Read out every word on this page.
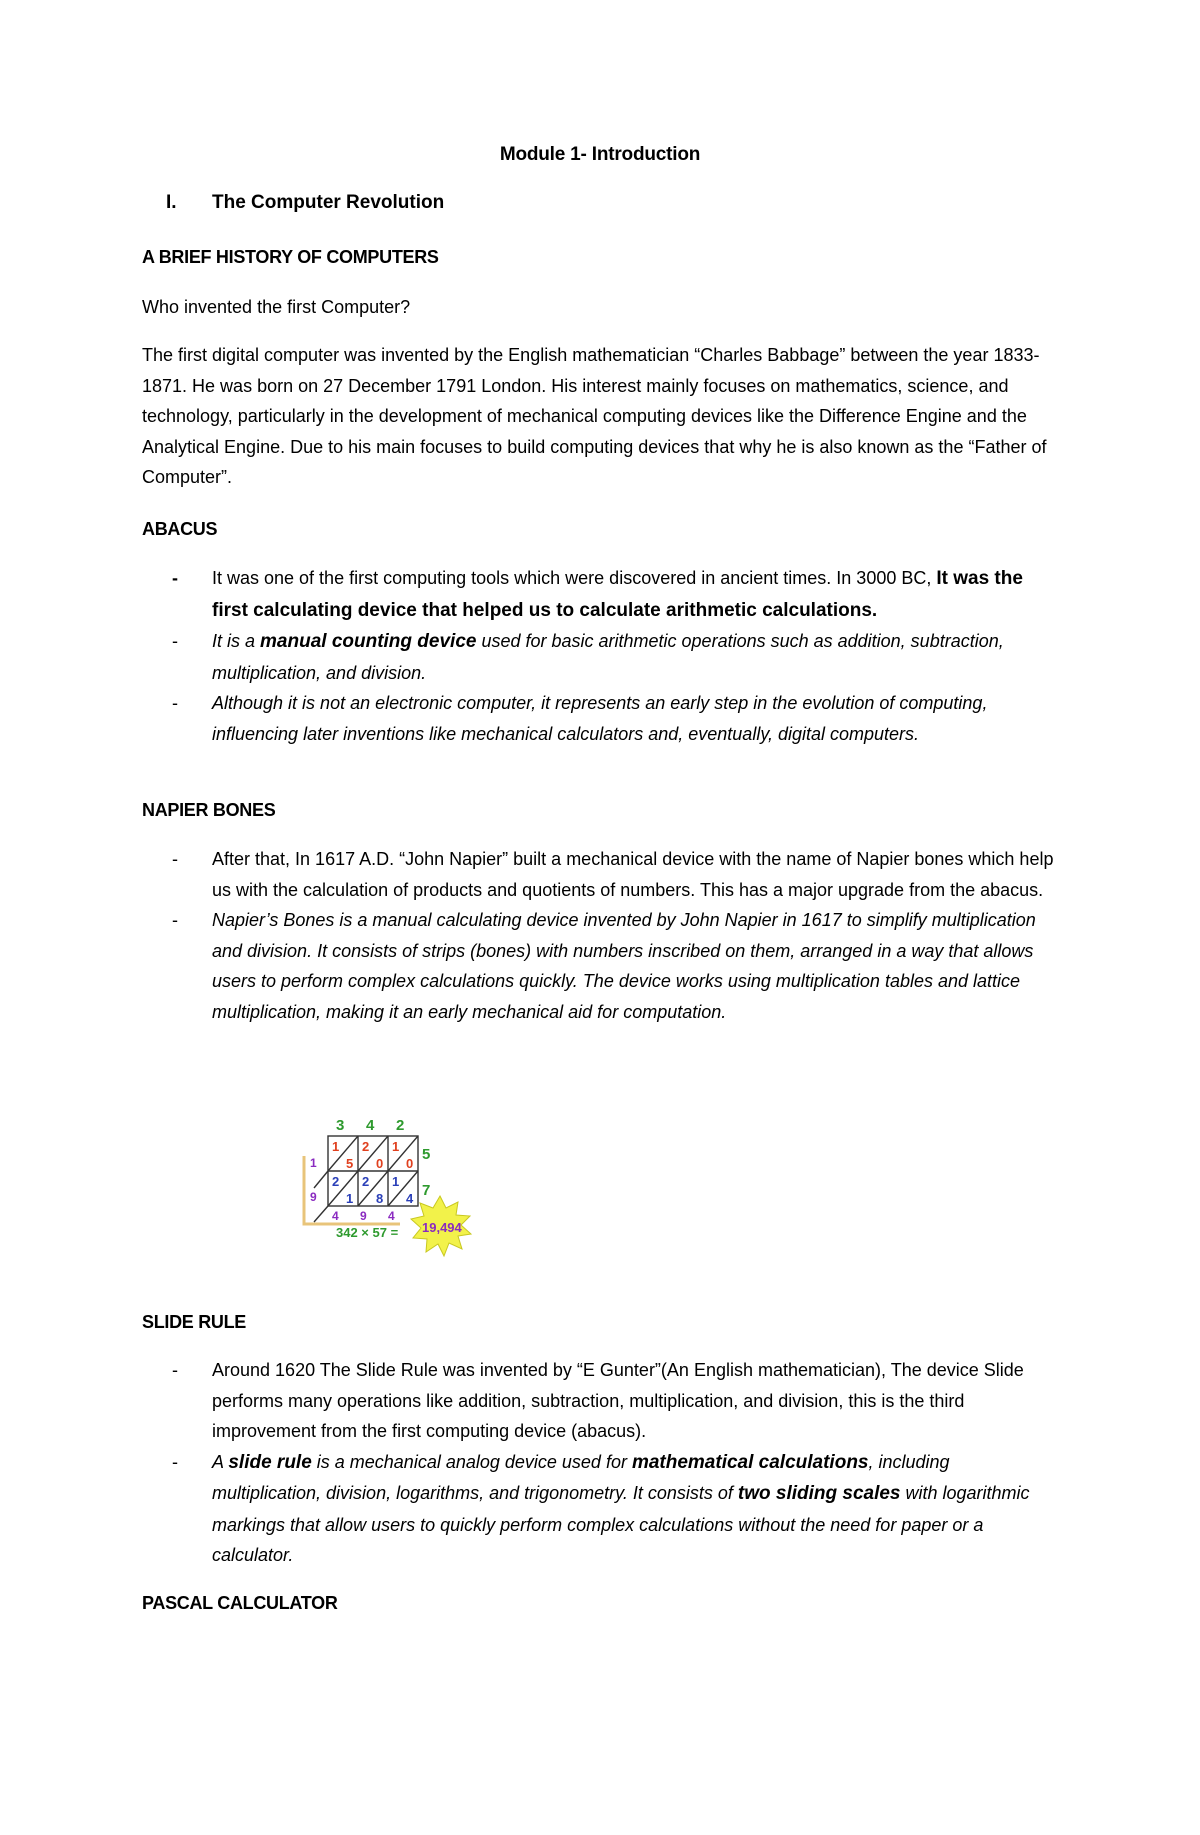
Module 1- Introduction
I. The Computer Revolution
A BRIEF HISTORY OF COMPUTERS
Who invented the first Computer?

The first digital computer was invented by the English mathematician “Charles Babbage” between the year 1833-1871. He was born on 27 December 1791 London. His interest mainly focuses on mathematics, science, and technology, particularly in the development of mechanical computing devices like the Difference Engine and the Analytical Engine. Due to his main focuses to build computing devices that why he is also known as the “Father of Computer”.

ABACUS
-	It was one of the first computing tools which were discovered in ancient times. In 3000 BC, It was the first calculating device that helped us to calculate arithmetic calculations.
-	It is a manual counting device used for basic arithmetic operations such as addition, subtraction, multiplication, and division.
-	Although it is not an electronic computer, it represents an early step in the evolution of computing, influencing later inventions like mechanical calculators and, eventually, digital computers.
NAPIER BONES
-	After that, In 1617 A.D. “John Napier” built a mechanical device with the name of Napier bones which help us with the calculation of products and quotients of numbers. This has a major upgrade from the abacus.
-	Napier’s Bones is a manual calculating device invented by John Napier in 1617 to simplify multiplication and division. It consists of strips (bones) with numbers inscribed on them, arranged in a way that allows users to perform complex calculations quickly. The device works using multiplication tables and lattice multiplication, making it an early mechanical aid for computation.
3 4 2
5
7
1
9
1
5
2
0
1
0
2
1
2
8
1
4
4 9 4
342 × 57 = 19,494
SLIDE RULE
-	Around 1620 The Slide Rule was invented by “E Gunter”(An English mathematician), The device Slide performs many operations like addition, subtraction, multiplication, and division, this is the third improvement from the first computing device (abacus).
-	A slide rule is a mechanical analog device used for mathematical calculations, including multiplication, division, logarithms, and trigonometry. It consists of two sliding scales with logarithmic markings that allow users to quickly perform complex calculations without the need for paper or a calculator.
PASCAL CALCULATOR
